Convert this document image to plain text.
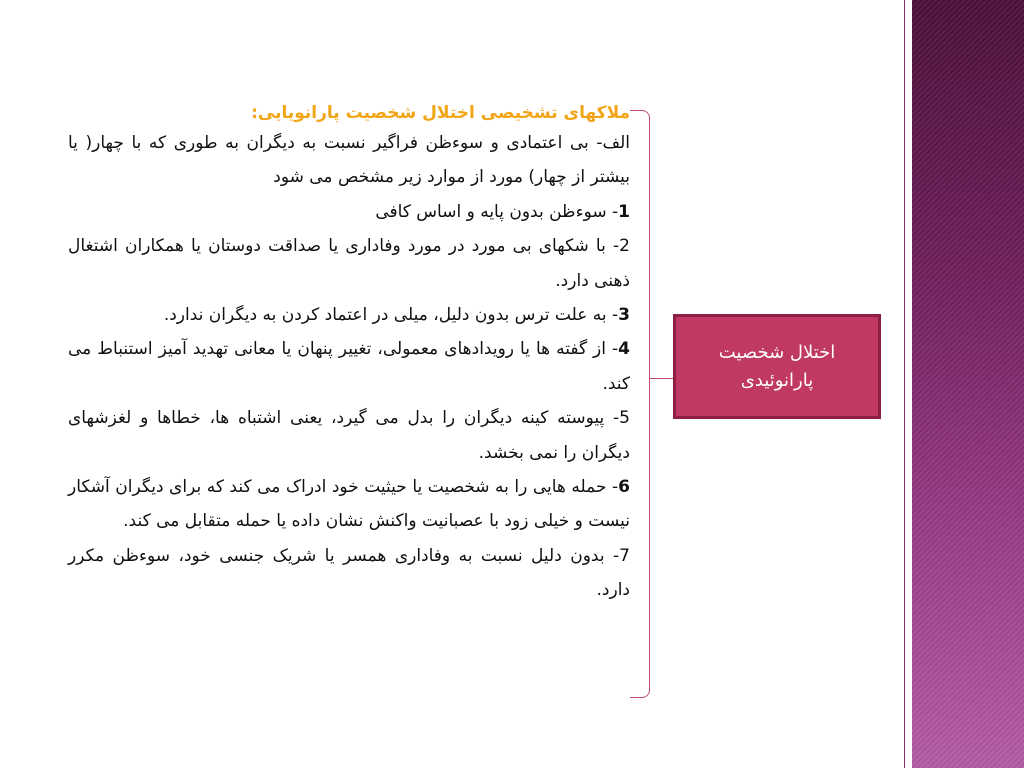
ملاکهای تشخیصی اختلال شخصیت پارانویایی:

الف- بی اعتمادی و سوءظن فراگیر نسبت به دیگران به طوری که با چهار( یا بیشتر از چهار) مورد از موارد زیر مشخص می شود

1- سوءظن بدون پایه و اساس کافی

2- با شکهای بی مورد در مورد وفاداری یا صداقت دوستان یا همکاران اشتغال ذهنی دارد.

3- به علت ترس بدون دلیل، میلی در اعتماد کردن به دیگران ندارد.

4- از گفته ها یا رویدادهای معمولی، تغییر پنهان یا معانی تهدید آمیز استنباط می کند.

5- پیوسته کینه دیگران را بدل می گیرد، یعنی اشتباه ها، خطاها و لغزشهای دیگران را نمی بخشد.

6- حمله هایی را به شخصیت یا حیثیت خود ادراک می کند که برای دیگران آشکار نیست و خیلی زود با عصبانیت واکنش نشان داده یا حمله متقابل می کند.

7- بدون دلیل نسبت به وفاداری همسر یا شریک جنسی خود، سوءظن مکرر دارد.

اختلال شخصیت پارانوئیدی
